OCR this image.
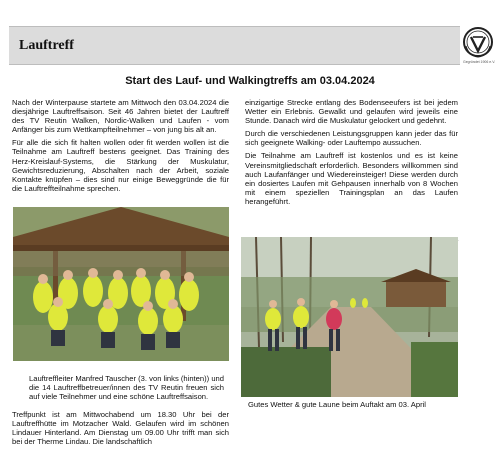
Lauftreff
Gegründet 1906 e.V.
Start des Lauf- und Walkingtreffs am 03.04.2024

Nach der Winterpause startete am Mittwoch den 03.04.2024 die diesjährige Lauftreffsaison. Seit 46 Jahren bietet der Lauftreff des TV Reutin Walken, Nordic-Walken und Laufen - vom Anfänger bis zum Wettkampfteilnehmer – von jung bis alt an.

Für alle die sich fit halten wollen oder fit werden wollen ist die Teilnahme am Lauftreff bestens geeignet. Das Training des Herz-Kreislauf-Systems, die Stärkung der Muskulatur, Gewichtsreduzierung, Abschalten nach der Arbeit, soziale Kontakte knüpfen – dies sind nur einige Beweggründe die für die Lauftreffteilnahme sprechen.

einzigartige Strecke entlang des Bodenseeufers ist bei jedem Wetter ein Erlebnis. Gewalkt und gelaufen wird jeweils eine Stunde. Danach wird die Muskulatur gelockert und gedehnt.

Durch die verschiedenen Leistungsgruppen kann jeder das für sich geeignete Walking- oder Lauftempo aussuchen.

Die Teilnahme am Lauftreff ist kostenlos und es ist keine Vereinsmitgliedschaft erforderlich. Besonders willkommen sind auch Laufanfänger und Wiedereinsteiger! Diese werden durch ein dosiertes Laufen mit Gehpausen innerhalb von 8 Wochen mit einem speziellen Trainingsplan an das Laufen herangeführt.

Lauftreffleiter Manfred Tauscher (3. von links (hinten)) und die 14 Lauftreffbetreuer/innen des TV Reutin freuen sich auf viele Teilnehmer und eine schöne Lauftreffsaison.

Treffpunkt ist am Mittwochabend um 18.30 Uhr bei der Lauftreffhütte im Motzacher Wald. Gelaufen wird im schönen Lindauer Hinterland. Am Dienstag um 09.00 Uhr trifft man sich bei der Therme Lindau. Die landschaftlich

Gutes Wetter & gute Laune beim Auftakt am 03. April
